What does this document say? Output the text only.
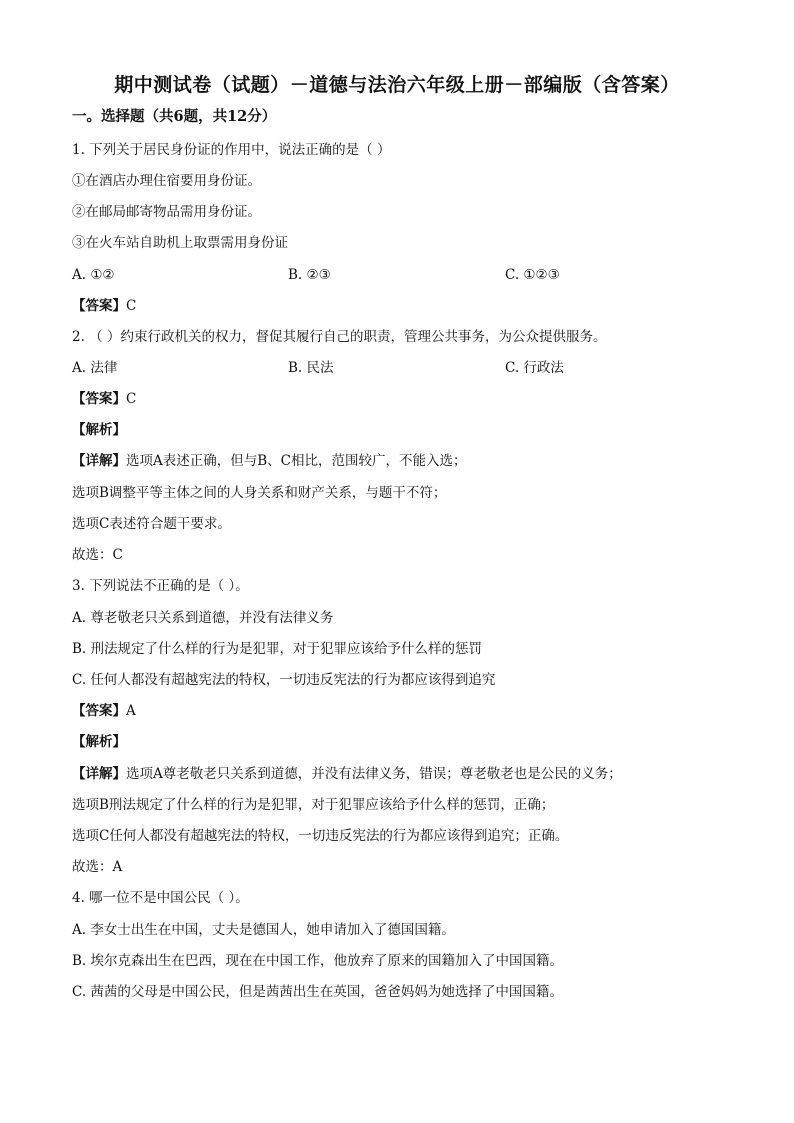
期中测试卷（试题）－道德与法治六年级上册－部编版（含答案）
一。选择题（共6题，共12分）
1. 下列关于居民身份证的作用中，说法正确的是（ ）
①在酒店办理住宿要用身份证。
②在邮局邮寄物品需用身份证。
③在火车站自助机上取票需用身份证
A. ①②	B. ②③	C. ①②③
【答案】C
2. （ ）约束行政机关的权力，督促其履行自己的职责，管理公共事务，为公众提供服务。
A. 法律	B. 民法	C. 行政法
【答案】C
【解析】
【详解】选项A表述正确，但与B、C相比，范围较广，不能入选；
选项B调整平等主体之间的人身关系和财产关系，与题干不符；
选项C表述符合题干要求。
故选：C
3. 下列说法不正确的是（ ）。
A. 尊老敬老只关系到道德，并没有法律义务
B. 刑法规定了什么样的行为是犯罪，对于犯罪应该给予什么样的惩罚
C. 任何人都没有超越宪法的特权，一切违反宪法的行为都应该得到追究
【答案】A
【解析】
【详解】选项A尊老敬老只关系到道德，并没有法律义务，错误；尊老敬老也是公民的义务；
选项B刑法规定了什么样的行为是犯罪，对于犯罪应该给予什么样的惩罚，正确；
选项C任何人都没有超越宪法的特权，一切违反宪法的行为都应该得到追究；正确。
故选：A
4. 哪一位不是中国公民（ ）。
A. 李女士出生在中国，丈夫是德国人，她申请加入了德国国籍。
B. 埃尔克森出生在巴西，现在在中国工作，他放弃了原来的国籍加入了中国国籍。
C. 茜茜的父母是中国公民，但是茜茜出生在英国，爸爸妈妈为她选择了中国国籍。
